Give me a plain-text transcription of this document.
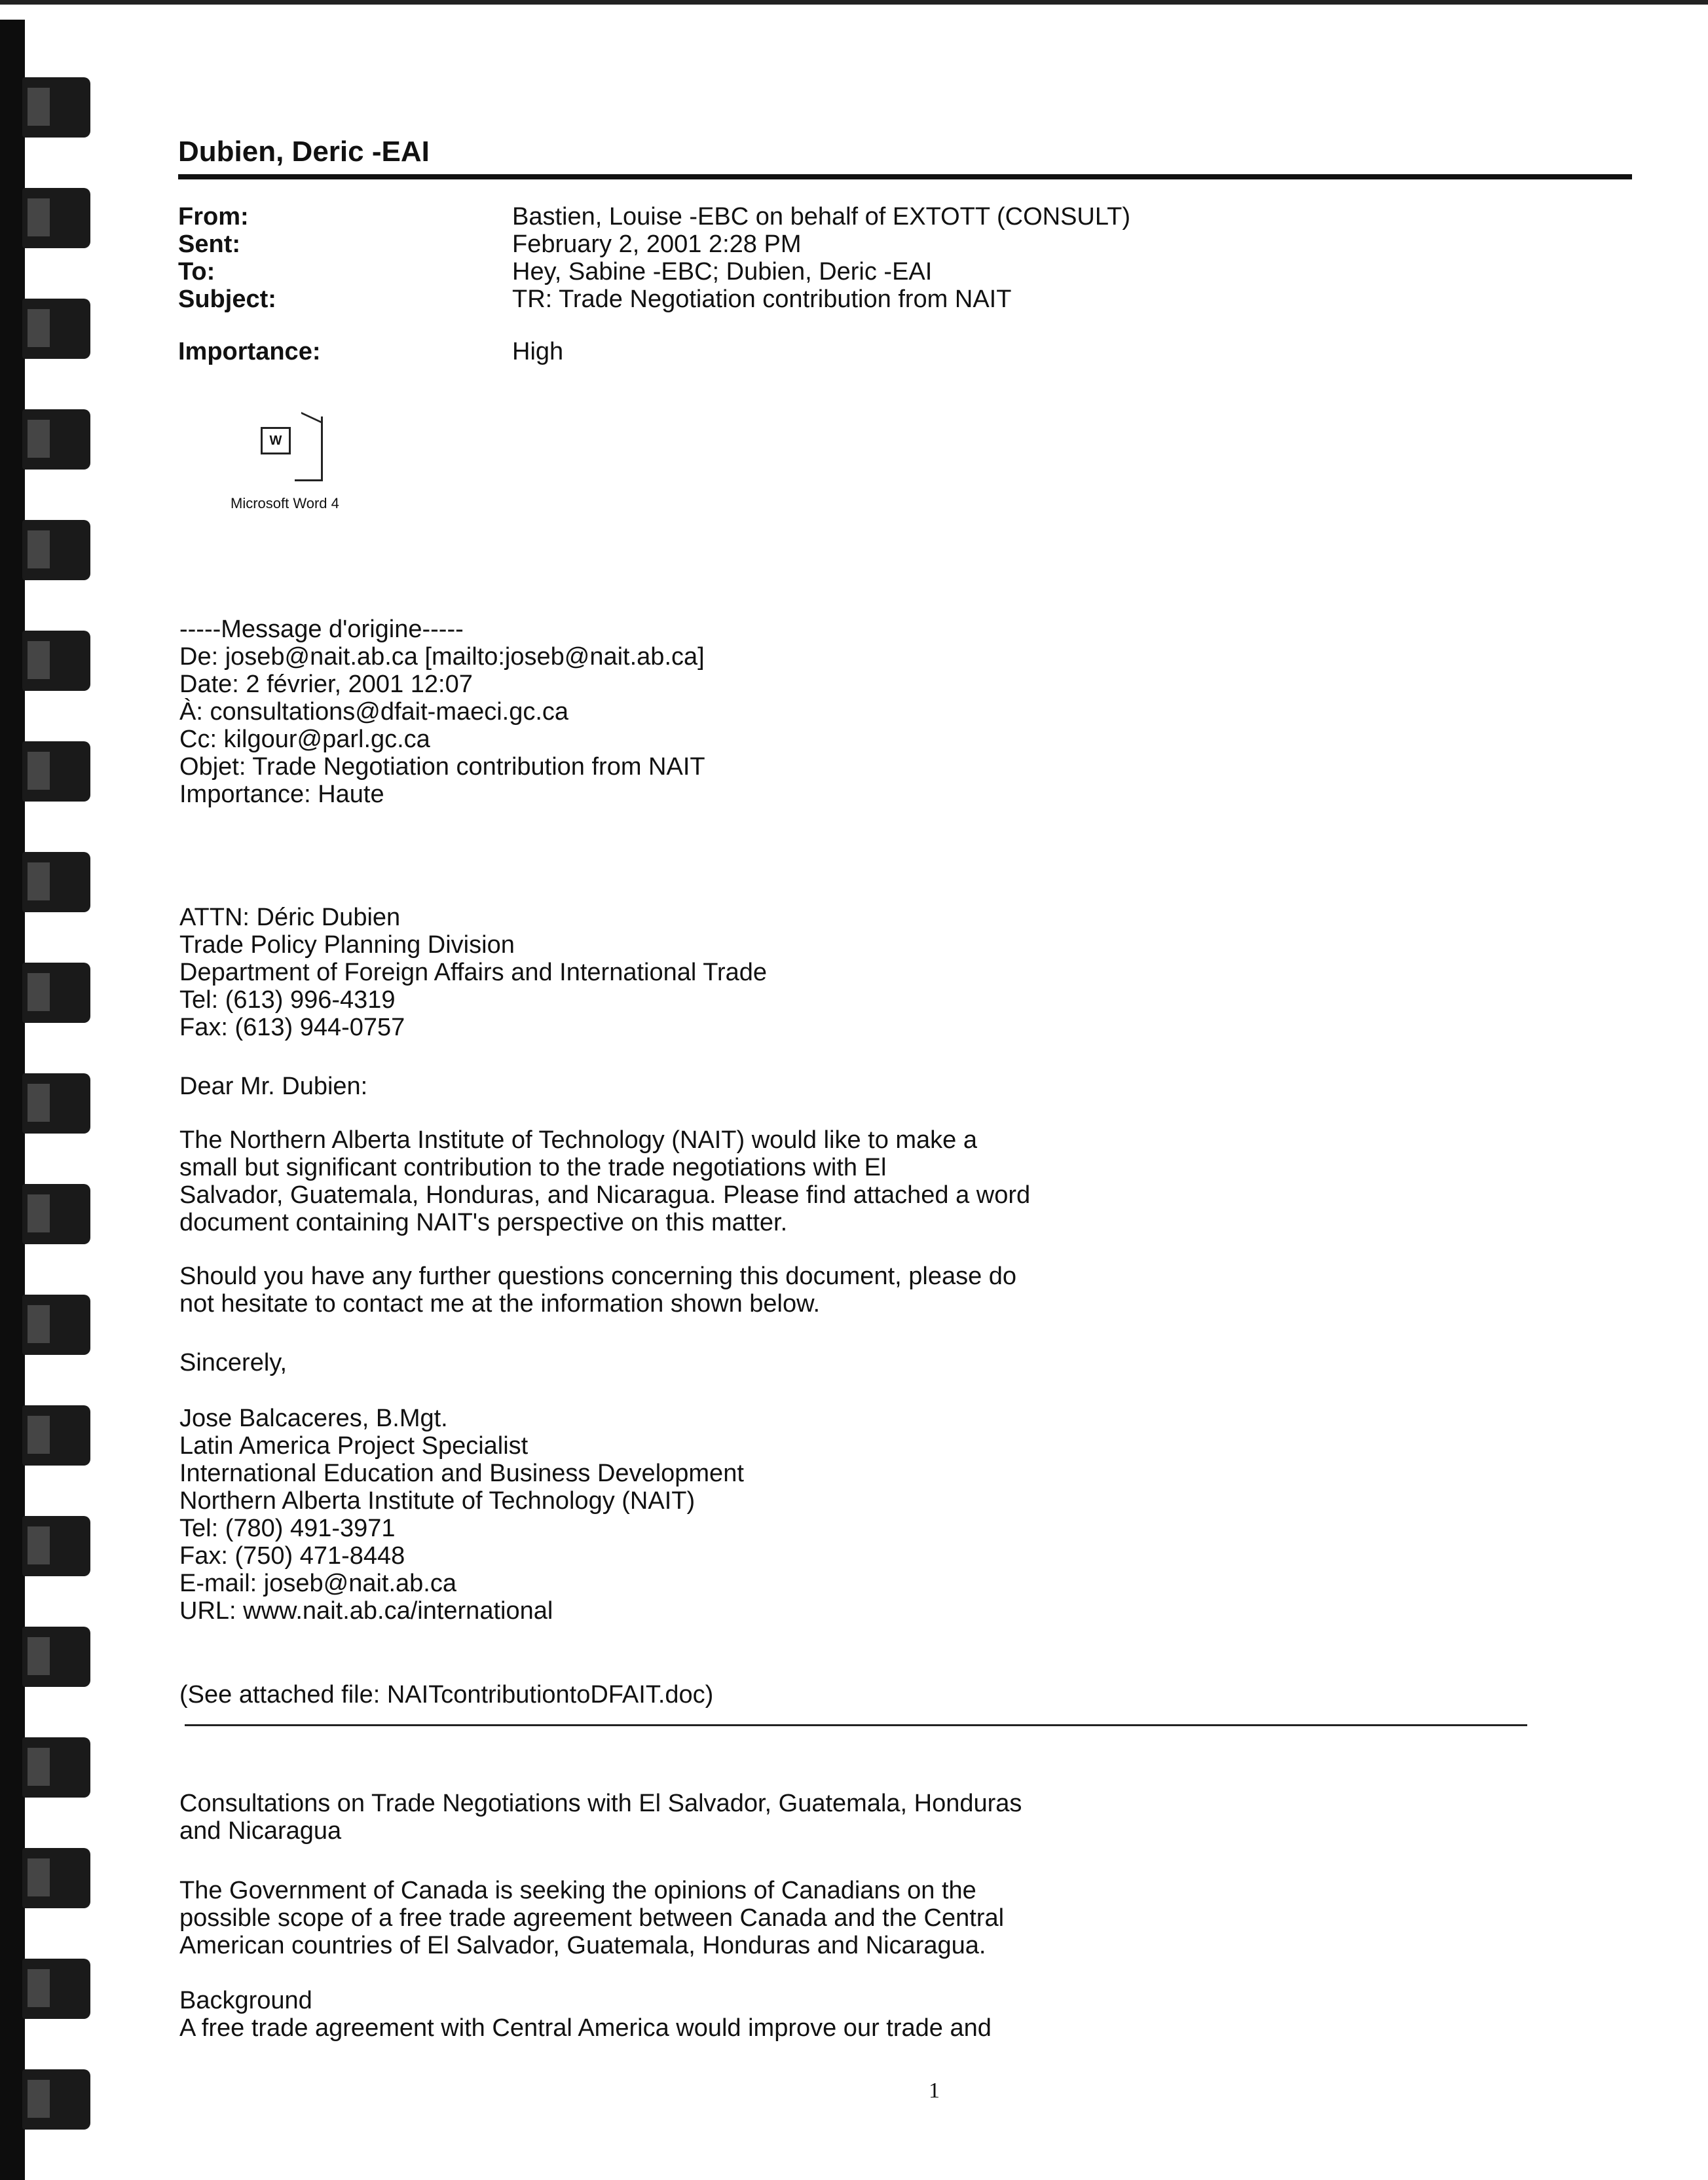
Dubien, Deric -EAI
From:	Bastien, Louise -EBC on behalf of EXTOTT (CONSULT)
Sent:	February 2, 2001 2:28 PM
To:	Hey, Sabine -EBC; Dubien, Deric -EAI
Subject:	TR: Trade Negotiation contribution from NAIT
Importance:	High
W
Microsoft Word 4
-----Message d'origine-----
De: joseb@nait.ab.ca [mailto:joseb@nait.ab.ca]
Date: 2 février, 2001 12:07
À: consultations@dfait-maeci.gc.ca
Cc: kilgour@parl.gc.ca
Objet: Trade Negotiation contribution from NAIT
Importance: Haute
ATTN: Déric Dubien
Trade Policy Planning Division
Department of Foreign Affairs and International Trade
Tel: (613) 996-4319
Fax: (613) 944-0757
Dear Mr. Dubien:
The Northern Alberta Institute of Technology (NAIT) would like to make a
small but significant contribution to the trade negotiations with El
Salvador, Guatemala, Honduras, and Nicaragua. Please find attached a word
document containing NAIT's perspective on this matter.
Should you have any further questions concerning this document, please do
not hesitate to contact me at the information shown below.
Sincerely,
Jose Balcaceres, B.Mgt.
Latin America Project Specialist
International Education and Business Development
Northern Alberta Institute of Technology (NAIT)
Tel: (780) 491-3971
Fax: (750) 471-8448
E-mail: joseb@nait.ab.ca
URL: www.nait.ab.ca/international
(See attached file: NAITcontributiontoDFAIT.doc)
Consultations on Trade Negotiations with El Salvador, Guatemala, Honduras
and Nicaragua
The Government of Canada is seeking the opinions of Canadians on the
possible scope of a free trade agreement between Canada and the Central
American countries of El Salvador, Guatemala, Honduras and Nicaragua.
Background
A free trade agreement with Central America would improve our trade and
1
